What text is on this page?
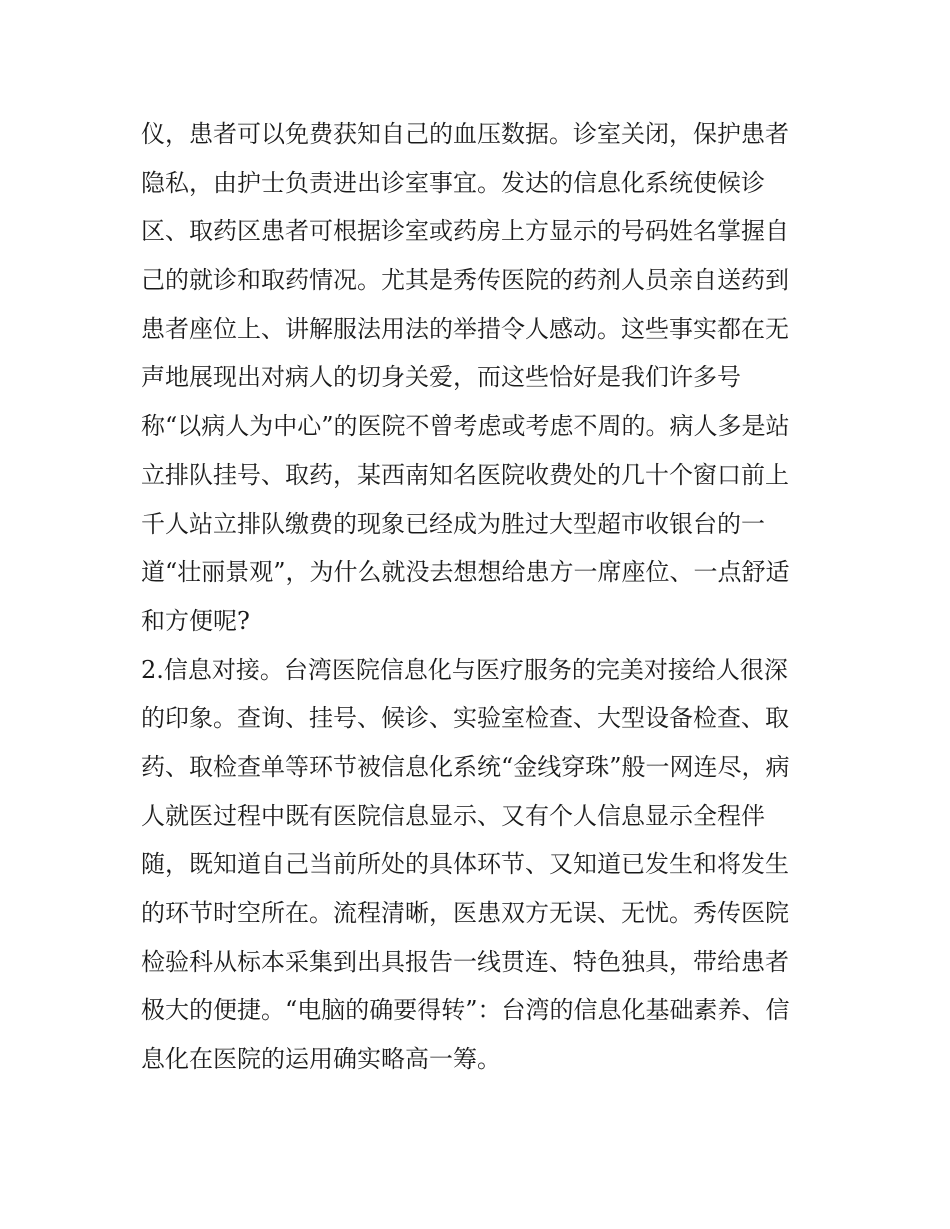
仪，患者可以免费获知自己的血压数据。诊室关闭，保护患者
隐私，由护士负责进出诊室事宜。发达的信息化系统使候诊
区、取药区患者可根据诊室或药房上方显示的号码姓名掌握自
己的就诊和取药情况。尤其是秀传医院的药剂人员亲自送药到
患者座位上、讲解服法用法的举措令人感动。这些事实都在无
声地展现出对病人的切身关爱，而这些恰好是我们许多号
称“以病人为中心”的医院不曾考虑或考虑不周的。病人多是站
立排队挂号、取药，某西南知名医院收费处的几十个窗口前上
千人站立排队缴费的现象已经成为胜过大型超市收银台的一
道“壮丽景观”，为什么就没去想想给患方一席座位、一点舒适
和方便呢?
2.信息对接。台湾医院信息化与医疗服务的完美对接给人很深
的印象。查询、挂号、候诊、实验室检查、大型设备检查、取
药、取检查单等环节被信息化系统“金线穿珠”般一网连尽，病
人就医过程中既有医院信息显示、又有个人信息显示全程伴
随，既知道自己当前所处的具体环节、又知道已发生和将发生
的环节时空所在。流程清晰，医患双方无误、无忧。秀传医院
检验科从标本采集到出具报告一线贯连、特色独具，带给患者
极大的便捷。“电脑的确要得转”：台湾的信息化基础素养、信
息化在医院的运用确实略高一筹。
